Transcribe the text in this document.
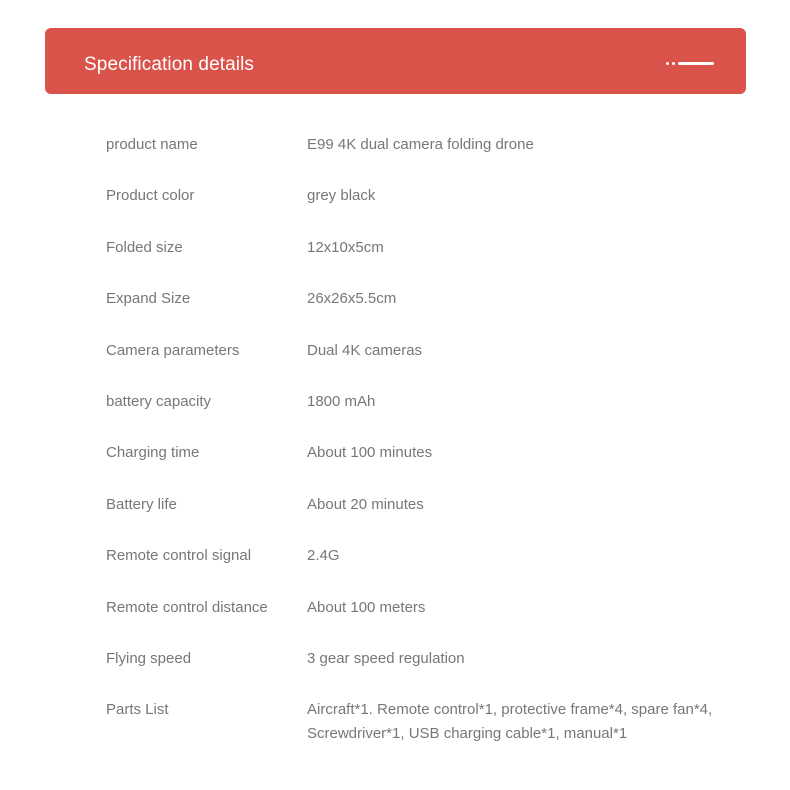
Specification details
product name	E99 4K dual camera folding drone
Product color	grey black
Folded size	12x10x5cm
Expand Size	26x26x5.5cm
Camera parameters	Dual 4K cameras
battery capacity	1800 mAh
Charging time	About 100 minutes
Battery life	About 20 minutes
Remote control signal	2.4G
Remote control distance	About 100 meters
Flying speed	3 gear speed regulation
Parts List	Aircraft*1. Remote control*1, protective frame*4, spare fan*4, Screwdriver*1, USB charging cable*1, manual*1
